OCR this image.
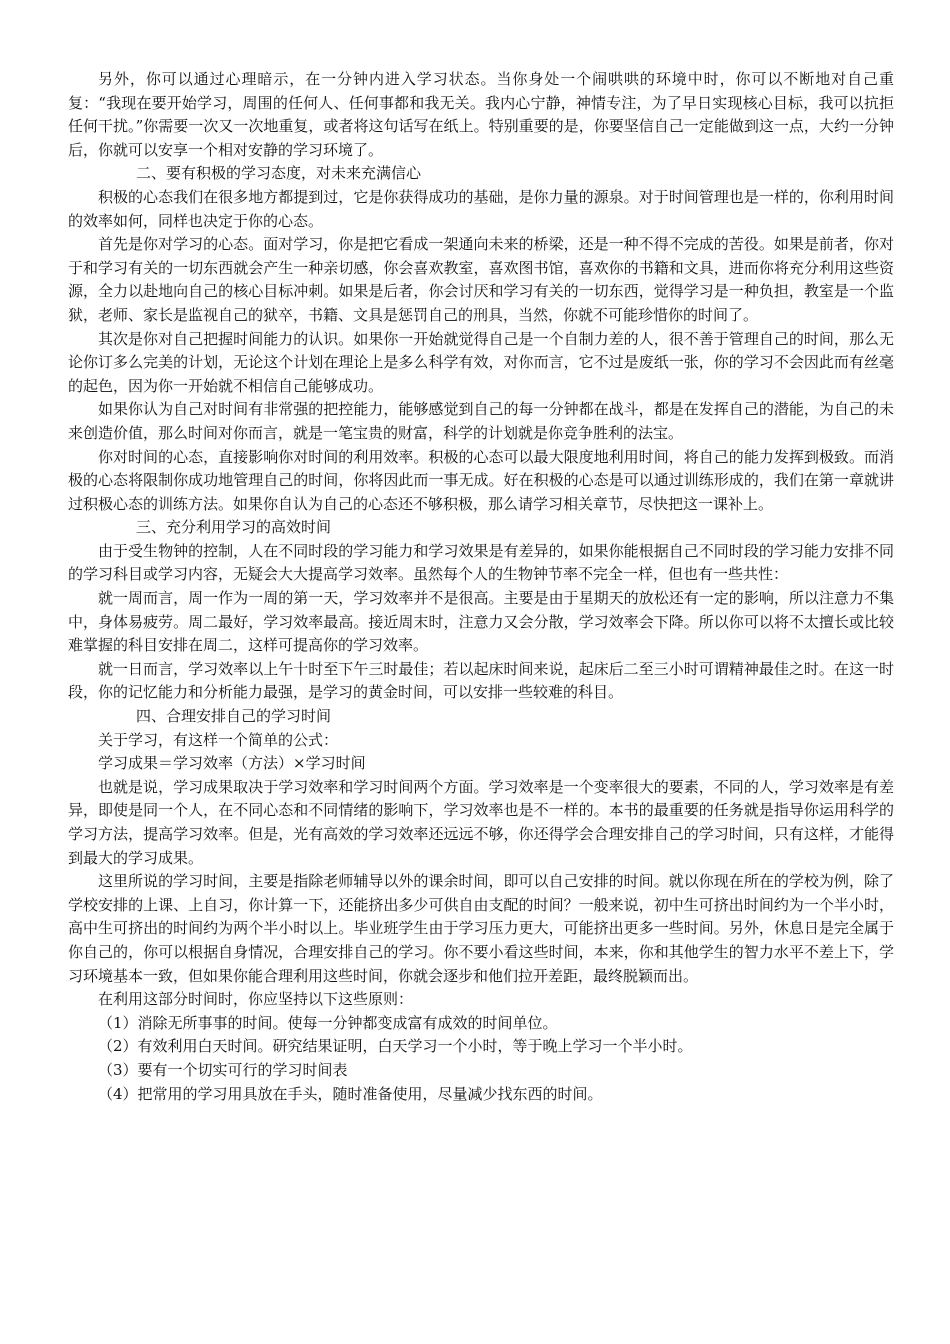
另外，你可以通过心理暗示，在一分钟内进入学习状态。当你身处一个闹哄哄的环境中时，你可以不断地对自己重复：“我现在要开始学习，周围的任何人、任何事都和我无关。我内心宁静，神情专注，为了早日实现核心目标，我可以抗拒任何干扰。”你需要一次又一次地重复，或者将这句话写在纸上。特别重要的是，你要坚信自己一定能做到这一点，大约一分钟后，你就可以安享一个相对安静的学习环境了。

二、要有积极的学习态度，对未来充满信心

积极的心态我们在很多地方都提到过，它是你获得成功的基础，是你力量的源泉。对于时间管理也是一样的，你利用时间的效率如何，同样也决定于你的心态。

首先是你对学习的心态。面对学习，你是把它看成一架通向未来的桥梁，还是一种不得不完成的苦役。如果是前者，你对于和学习有关的一切东西就会产生一种亲切感，你会喜欢教室，喜欢图书馆，喜欢你的书籍和文具，进而你将充分利用这些资源，全力以赴地向自己的核心目标冲刺。如果是后者，你会讨厌和学习有关的一切东西，觉得学习是一种负担，教室是一个监狱，老师、家长是监视自己的狱卒，书籍、文具是惩罚自己的刑具，当然，你就不可能珍惜你的时间了。

其次是你对自己把握时间能力的认识。如果你一开始就觉得自己是一个自制力差的人，很不善于管理自己的时间，那么无论你订多么完美的计划，无论这个计划在理论上是多么科学有效，对你而言，它不过是废纸一张，你的学习不会因此而有丝毫的起色，因为你一开始就不相信自己能够成功。

如果你认为自己对时间有非常强的把控能力，能够感觉到自己的每一分钟都在战斗，都是在发挥自己的潜能，为自己的未来创造价值，那么时间对你而言，就是一笔宝贵的财富，科学的计划就是你竞争胜利的法宝。

你对时间的心态，直接影响你对时间的利用效率。积极的心态可以最大限度地利用时间，将自己的能力发挥到极致。而消极的心态将限制你成功地管理自己的时间，你将因此而一事无成。好在积极的心态是可以通过训练形成的，我们在第一章就讲过积极心态的训练方法。如果你自认为自己的心态还不够积极，那么请学习相关章节，尽快把这一课补上。

三、充分利用学习的高效时间

由于受生物钟的控制，人在不同时段的学习能力和学习效果是有差异的，如果你能根据自己不同时段的学习能力安排不同的学习科目或学习内容，无疑会大大提高学习效率。虽然每个人的生物钟节率不完全一样，但也有一些共性：

就一周而言，周一作为一周的第一天，学习效率并不是很高。主要是由于星期天的放松还有一定的影响，所以注意力不集中，身体易疲劳。周二最好，学习效率最高。接近周末时，注意力又会分散，学习效率会下降。所以你可以将不太擅长或比较难掌握的科目安排在周二，这样可提高你的学习效率。

就一日而言，学习效率以上午十时至下午三时最佳；若以起床时间来说，起床后二至三小时可谓精神最佳之时。在这一时段，你的记忆能力和分析能力最强，是学习的黄金时间，可以安排一些较难的科目。

四、合理安排自己的学习时间

关于学习，有这样一个简单的公式：

学习成果＝学习效率（方法）×学习时间

也就是说，学习成果取决于学习效率和学习时间两个方面。学习效率是一个变率很大的要素，不同的人，学习效率是有差异，即使是同一个人，在不同心态和不同情绪的影响下，学习效率也是不一样的。本书的最重要的任务就是指导你运用科学的学习方法，提高学习效率。但是，光有高效的学习效率还远远不够，你还得学会合理安排自己的学习时间，只有这样，才能得到最大的学习成果。

这里所说的学习时间，主要是指除老师辅导以外的课余时间，即可以自己安排的时间。就以你现在所在的学校为例，除了学校安排的上课、上自习，你计算一下，还能挤出多少可供自由支配的时间？一般来说，初中生可挤出时间约为一个半小时，高中生可挤出的时间约为两个半小时以上。毕业班学生由于学习压力更大，可能挤出更多一些时间。另外，休息日是完全属于你自己的，你可以根据自身情况，合理安排自己的学习。你不要小看这些时间，本来，你和其他学生的智力水平不差上下，学习环境基本一致，但如果你能合理利用这些时间，你就会逐步和他们拉开差距，最终脱颖而出。

在利用这部分时间时，你应坚持以下这些原则：

（1）消除无所事事的时间。使每一分钟都变成富有成效的时间单位。
（2）有效利用白天时间。研究结果证明，白天学习一个小时，等于晚上学习一个半小时。
（3）要有一个切实可行的学习时间表
（4）把常用的学习用具放在手头，随时准备使用，尽量减少找东西的时间。
